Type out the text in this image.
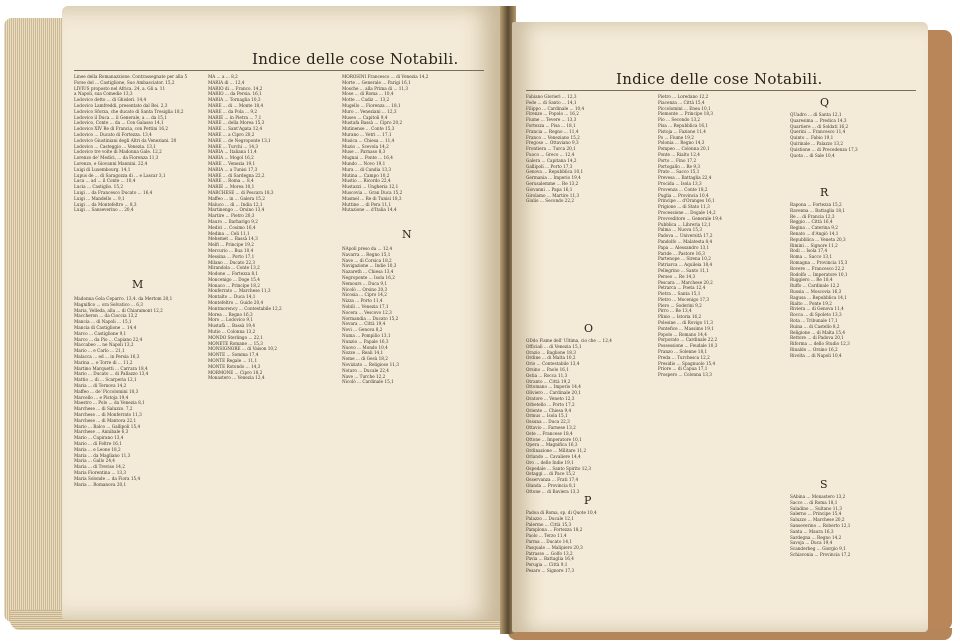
Indice delle cose Notabili.

Linee della Romanazzione. Contrassegnate per alla 5

Forse del ... Castiglione, Suo Ambasciator. 15,2

LIVIUS proposto nel Africa. 24, a. Gli a. 11

a Napoli, sua Comedie 13,3

Lodovico detto ... di Ghisleri. 14,4

Lodovico Lamfreddi, presentato dal Rei. 2,3

Lodovico Sforza, che ducato di Santa Tresiglia 18,2

Lodovico il Duca ... il Generale, a ... da 15,1

Lodovico, Conte ... da ... Con Galasso 14,1

Lodovico XIV Re di Francia, con Pettini 16,2

Lodovico ... Ducato di Fortezza. 13,4

Lodovico Giustiniani degli Altri da Veneziani. 20

Lodovico ... Casteggio ... Venezia. 13,1

Lodovico tre volte di Madonna Gale. 12,2

Lorenzo de' Medici, ... da Fiorenza 11,3

Lorenzo, e Giovanni Mannini. 22,4

Luigi di Luxembourg. 14,1

Lupus de ... di Saragozza di ... e Lascar 3,1

Luca ... ad ... il Conte ... 10,4

Lucia ... Castiglio. 15,2

Luigi ... da Francesco Ducato ... 16,4

Luigi ... Mandello ... 9,1

Luigi ... da Montefeltro ... 8,3

Luigi ... Sanseverino ... 20,4

M

Madonna Gola Ceparro. 13,4. da Mertom 20,1

Magnifico ... ora Selvatico ... 6,3

Maria, Velleda, alla ... di Chiaramont 12,2

Maccheron ... da Cioccia 13,2

Mancia ... di Napoli ... 15,1

Mancia di Castiglione ... 14,4

Marco ... Castiglione 9,1

Marco ... da Pio ... Capiano 22,4

Maccabeo ... ne Napoli 13,2

Mario ... e Carlo ... 21,1

Malacca ... ed ... in Persia 16,3

Marina ... e Torre di ... 11,2

Martino Marquetti ... Carrara 18,4

Mario ... Ducato ... di Pallazzo 13,4

Mattio ... di ... Scarperia 12,1

Maria ... di Ternova 14,2

Maffeo ... de' Piccolomini 10,3

Marcello ... e Pistoja 19,4

Maestro ... Polo ... da Venezia 8,1

Marchese ... di Saluzzo. 7,2

Marchese ... di Monferrato 11,3

Marchese ... di Mantova 22,1

Mario ... Balco ... Gallipoli 15,4

Marchese ... Annibale 6,3

Mario ... Capirano 13,4

Mario ... di Feltre 16,1

Maria ... e Leone 18,2

Maria ... da Magliano 11,3

Maria ... Gallo 24,4

Maria ... di Treviso 14,2

Maria Fiorentina ... 13,3

Maria Solonde ... da Fiora 15,4

Maria ... Romanova 20,1

MA ... a ... 8,2

MARIA di ... 12,4

MARIO di ... Franco. 14,2

MARIO ... da Persia. 16,1

MARIA ... Tornaglia 10,3

MARE ... di ... Monte 18,4

MARE ... da Pola ... 9,2

MARIE ... in Pietra ... 7,1

MARE ... della Morea 15,3

MARE ... Sant'Agata 12,4

MARE ... a Cipro 20,2

MARE ... de Negroponte 13,1

MARE ... Turchi ... 14,3

MARIA ... Italiana 11,4

MARIA ... Mogol 16,2

MARE ... Venezia 19,1

MARIA ... a Tunisi 17,3

MARE ... di Sardegna 22,2

MARE ... Roma ... 8,4

MARIE ... Morea 10,1

MARCHESE ... di Pescara 18,3

Maffeo ... in ... Galera 15,2

Maluco ... di ... India 12,1

Martinengo ... Orsino 13,4

Martire ... Pietro 20,3

Mauro ... Barbarigo 9,2

Medici ... Cosimo 16,4

Medina ... Celi 11,1

Mehemet ... Bassà 14,3

Melfi ... Principe 19,2

Mercurio ... Bua 10,4

Messina ... Porto 17,1

Milano ... Ducato 22,3

Mirandola ... Conte 13,2

Modone ... Fortezza 8,1

Moncenigo ... Doge 15,4

Monaco ... Principe 18,2

Monferrato ... Marchese 11,3

Montalto ... Duca 14,1

Montefeltro ... Guido 20,4

Montmorency ... Contestabile 12,2

Morea ... Regno 16,3

Moro ... Lodovico 9,1

Mustafà ... Bassà 19,4

Mutio ... Colonna 13,2

MONDO Sterlingo ... 22,1

MONETE Romane ... 15,3

MONSIGNORE ... di Vaison 10,2

MONTE ... Somma 17,4

MONTE Regale ... 11,1

MONTE Rotondo ... 14,3

MORMONE ... Cipro 18,2

Monastero ... Venezia 12,4

MOROSINI Francesco ... di Venezia 14,2

Morte ... Generale ... Parigi 16,1

Mosche ... alla Prima di ... 11,3

Mose ... di Roma ... 10,4

Motte ... Cadiz ... 13,2

Mugello ... Fiorenza ... 18,1

Muro ... Veneziani ... 12,3

Museo ... Capitoli 9,4

Mustafa Bassà ... Cipro 20,2

Mutinense ... Conte 15,3

Murano ... Vetri ... 17,1

Musica ... Chiesa ... 11,4

Muzio ... Scevola 14,2

Muse ... Parnaso 8,3

Mugnai ... Ponte ... 16,4

Mundo ... Novo 19,1

Mura ... di Candia 13,3

Mutina ... Campo 10,2

Mustio ... Ricordo 22,4

Mustazzi ... Ungheria 12,1

Muscovia ... Gran Duca 15,2

Musmel ... Re di Tunisi 18,3

Muttine ... di Pera 11,1

Mutazione ... d'Italia 14,4

N

NApoli preso da ... 12,4

Navarra ... Regno 15,1

Nave ... di Corsica 18,2

Navigazione ... Indie 10,3

Nazareth ... Chiesa 13,4

Negroponte ... Isola 16,2

Nemours ... Duca 9,1

Nicolò ... Orsino 20,3

Nicosia ... Cipro 14,2

Nizza ... Porto 11,4

Nobili ... Venezia 17,1

Nocera ... Vescovo 12,3

Normandia ... Ducato 15,2

Novara ... Città 19,4

Novi ... Genova 8,2

Numa ... Pompilio 13,1

Nunzio ... Papale 16,3

Nuovo ... Mondo 10,4

Nozze ... Reali 14,1

Nome ... di Gesù 18,2

Noviziato ... Religioso 11,3

Notaro ... Ducale 22,4

Nave ... Turche 12,2

Nicolò ... Cardinale 15,1

Indice delle cose Notabili.

Fabiano Glorieri ... 12,3

Fede ... di Santo ... 14,1

Filippo ... Cardinale ... 10,4

Firenze ... Popolo ... 16,2

Fiume ... Tevere ... 13,3

Fortezza ... Pisa ... 18,1

Francia ... Regno ... 11,4

Franco ... Veneziano 15,2

Fregoso ... Ottaviano 9,3

Frontiera ... Turca 20,1

Fuoco ... Greco ... 12,4

Galera ... Capitana 14,2

Gallipoli ... Porto 17,3

Genova ... Repubblica 10,1

Germania ... Imperio 19,4

Gerusalemme ... Re 13,2

Giovanni ... Papa 16,1

Girolamo ... Martire 11,3

Giulio ... Secondo 22,2

O

ODdo Fisme dell' Ultima, cio che ... 12,4

Officiali ... di Venezia 15,1

Orazio ... Baglione 18,3

Ordine ... di Malta 10,2

Orio ... Contestabile 13,4

Orsino ... Paolo 16,1

Ostia ... Rocca 11,3

Otranto ... Città 19,2

Ottomano ... Imperio 14,4

Oliviero ... Cardinale 20,1

Oratore ... Veneto 12,3

Orbetello ... Porto 17,2

Oriente ... Chiesa 9,4

Ormus ... Isola 15,1

Ossuna ... Duca 22,3

Ottavio ... Farnese 13,2

Oste ... Francese 18,4

Ottone ... Imperatore 10,1

Opera ... Magnifica 16,3

Ordinazione ... Militare 11,2

Orlando ... Cavaliere 14,4

Oro ... delle Indie 19,1

Ospedale ... Santo Spirito 12,3

Ostaggi ... di Pace 15,2

Osservanza ... Frati 17,4

Olanda ... Provincia 8,1

Ottone ... di Baviera 13,3

P

Padoa di Roma, sp. di Quote 10,4

Palazzo ... Ducale 12,1

Palermo ... Città 15,3

Pamplona ... Fortezza 18,2

Paolo ... Terzo 11,4

Parma ... Ducato 14,1

Pasquale ... Malipiero 20,3

Patrasso ... Golfo 13,2

Pavia ... Battaglia 16,4

Perugia ... Città 9,1

Pesaro ... Signore 17,3

Pietro ... Loredano 12,2

Piacenza ... Città 15,4

Piccolomini ... Enea 10,1

Piemonte ... Principe 18,3

Pio ... Secondo 13,2

Pisa ... Repubblica 16,1

Pistoja ... Fazione 11,4

Po ... Fiume 19,2

Polonia ... Regno 14,3

Pompeo ... Colonna 20,1

Ponte ... Rialto 12,4

Porto ... Fino 17,2

Portogallo ... Re 9,3

Prato ... Sacco 15,1

Prevesa ... Battaglia 22,4

Procida ... Isola 13,3

Provenza ... Conte 18,2

Puglia ... Provincia 10,4

Principe ... d'Oranges 16,1

Prigione ... di Stato 11,3

Processione ... Dogale 14,2

Provveditore ... Generale 19,4

Pubblica ... Libreria 12,1

Palma ... Nuova 15,3

Padova ... Università 17,2

Pandolfo ... Malatesta 8,4

Papa ... Alessandro 13,1

Paride ... Pastore 16,3

Partenope ... Sirena 10,2

Patriarca ... Aquileia 18,4

Pellegrino ... Santo 11,1

Perseo ... Re 14,3

Pescara ... Marchese 20,2

Petrarca ... Poeta 12,4

Pietra ... Santa 15,1

Pietro ... Mocenigo 17,3

Piero ... Soderini 9,2

Pirro ... Re 13,4

Plinio ... Istoria 16,2

Polesine ... di Rovigo 11,3

Pontefice ... Massimo 19,1

Popolo ... Romano 14,4

Porporato ... Cardinale 22,2

Possessione ... Feudale 10,3

Pranzo ... Solenne 18,1

Preda ... Turchesca 12,2

Presidio ... Spagnuolo 15,4

Priore ... di Capua 17,1

Prospero ... Colonna 13,3

Q

QUadro ... di Santa 12,1

Quaresima ... Predica 14,3

Quartiere ... di Soldati 16,2

Querini ... Francesco 11,4

Quinto ... Fabio 19,1

Quirinale ... Palazzo 13,2

Quistione ... di Precedenza 17,3

Quota ... di Sale 10,4

R

Rapona ... Fortezza 15,2

Ravenna ... Battaglia 18,1

Re ... di Francia 12,3

Reggio ... Città 16,4

Regina ... Caterina 9,2

Renato ... d'Angiò 14,1

Repubblica ... Veneta 20,3

Rimini ... Signore 11,2

Rodi ... Isola 17,4

Roma ... Sacco 13,1

Romagna ... Provincia 15,3

Rovere ... Francesco 22,2

Rodolfo ... Imperatore 10,1

Ruggiero ... Re 18,4

Ruffo ... Cardinale 12,2

Russia ... Moscovia 16,3

Ragusa ... Repubblica 14,1

Rialto ... Ponte 19,2

Riviera ... di Genova 11,4

Rocca ... di Spoleto 13,3

Rota ... Tribunale 17,1

Ruina ... di Castello 8,2

Religione ... di Malta 15,4

Rettore ... di Padova 20,1

Riforma ... dello Studio 12,3

Rinaldo ... Orsino 16,2

Rivolta ... di Napoli 10,4

S

SAbina ... Monastero 13,2

Sacco ... di Roma 18,1

Saladino ... Sultano 11,3

Salerno ... Principe 15,4

Saluzzo ... Marchese 20,2

Sanseverino ... Roberto 12,1

Santa ... Maura 16,3

Sardegna ... Regno 14,2

Savoja ... Duca 19,4

Scanderbeg ... Giorgio 9,1

Schiavonia ... Provincia 17,2
